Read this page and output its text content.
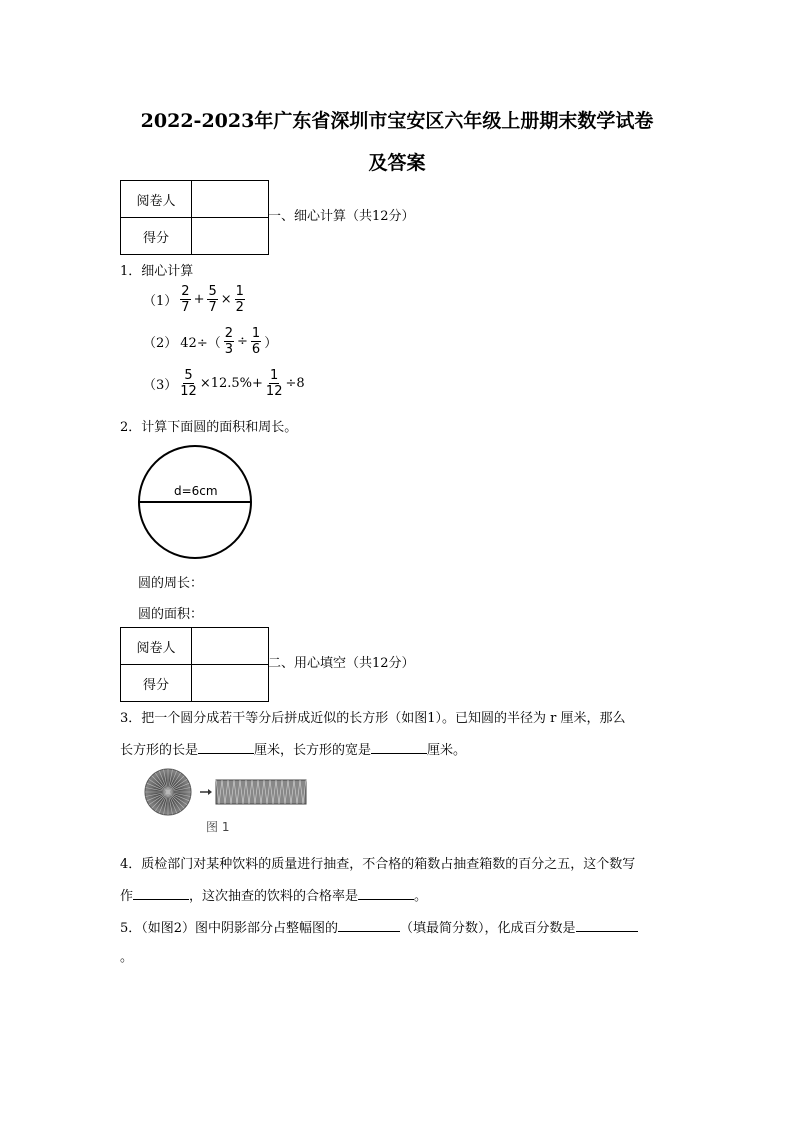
2022-2023年广东省深圳市宝安区六年级上册期末数学试卷
及答案
阅卷人	
得分	
一、细心计算（共12分）
1．细心计算
$(1) \frac{2}{7} + \frac{5}{7} \times \frac{1}{2}$
（2） $42\div( \frac{2}{3} \div \frac{1}{6}$ ）
$(3) \frac{5}{12} \times 12.5\%+ \frac{1}{12} \div 8$
2．计算下面圆的面积和周长。
d=6cm
圆的周长：
圆的面积：
阅卷人	
得分	
二、用心填空（共12分）
3．把一个圆分成若干等分后拼成近似的长方形（如图1）。已知圆的半径为 r 厘米，那么
长方形的长是	厘米，长方形的宽是	厘米。
图 1
4．质检部门对某种饮料的质量进行抽查，不合格的箱数占抽查箱数的百分之五，这个数写
作	，这次抽查的饮料的合格率是	。
5．（如图2）图中阴影部分占整幅图的	（填最简分数），化成百分数是
。
